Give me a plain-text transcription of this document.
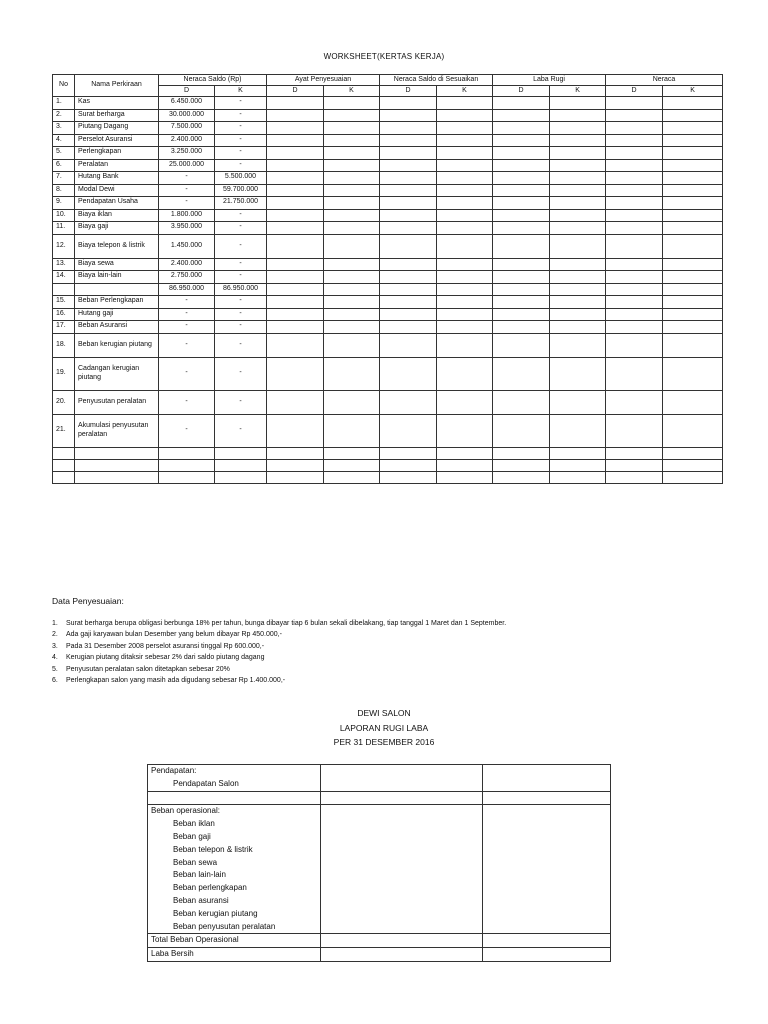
WORKSHEET(KERTAS KERJA)
No	Nama Perkiraan	Neraca Saldo (Rp)		Ayat Penyesuaian		Neraca Saldo di Sesuaikan		Laba Rugi		Neraca	
		D	K	D	K	D	K	D	K	D	K
1.	Kas	6.450.000	-								
2.	Surat berharga	30.000.000	-								
3.	Piutang Dagang	7.500.000	-								
4.	Perselot Asuransi	2.400.000	-								
5.	Perlengkapan	3.250.000	-								
6.	Peralatan	25.000.000	-								
7.	Hutang Bank	-	5.500.000								
8.	Modal Dewi	-	59.700.000								
9.	Pendapatan Usaha	-	21.750.000								
10.	Biaya iklan	1.800.000	-								
11.	Biaya gaji	3.950.000	-								
12.	Biaya telepon & listrik	1.450.000	-								
13.	Biaya sewa	2.400.000	-								
14.	Biaya lain-lain	2.750.000	-								
		86.950.000	86.950.000								
15.	Beban Perlengkapan	-	-								
16.	Hutang gaji	-	-								
17.	Beban Asuransi	-	-								
18.	Beban kerugian piutang	-	-								
19.	Cadangan kerugian piutang	-	-								
20.	Penyusutan peralatan	-	-								
21.	Akumulasi penyusutan peralatan	-	-								

Data Penyesuaian:
1. Surat berharga berupa obligasi berbunga 18% per tahun, bunga dibayar tiap 6 bulan sekali dibelakang, tiap tanggal 1 Maret dan 1 September.
2. Ada gaji karyawan bulan Desember yang belum dibayar Rp 450.000,-
3. Pada 31 Desember 2008 perselot asuransi tinggal Rp 600.000,-
4. Kerugian piutang ditaksir sebesar 2% dari saldo piutang dagang
5. Penyusutan peralatan salon ditetapkan sebesar 20%
6. Perlengkapan salon yang masih ada digudang sebesar Rp 1.400.000,-
DEWI SALON
LAPORAN RUGI LABA
PER 31 DESEMBER 2016
Pendapatan:		
Pendapatan Salon		

Beban operasional:		
Beban iklan		
Beban gaji		
Beban telepon & listrik		
Beban sewa		
Beban lain-lain		
Beban perlengkapan		
Beban asuransi		
Beban kerugian piutang		
Beban penyusutan peralatan		
Total Beban Operasional		
Laba Bersih		
